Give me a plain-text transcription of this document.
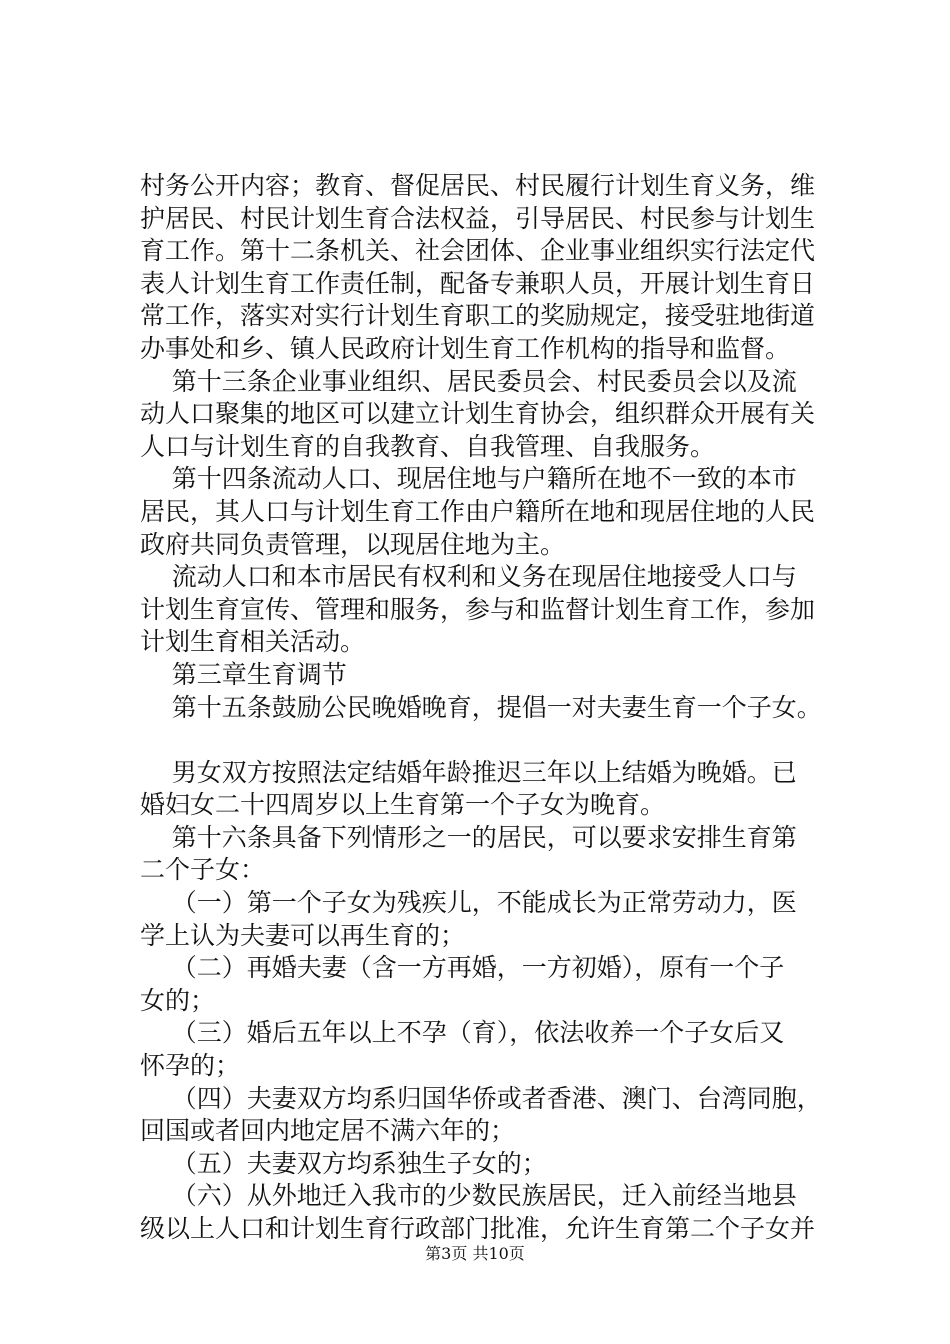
村务公开内容；教育、督促居民、村民履行计划生育义务，维

护居民、村民计划生育合法权益，引导居民、村民参与计划生

育工作。第十二条机关、社会团体、企业事业组织实行法定代

表人计划生育工作责任制，配备专兼职人员，开展计划生育日

常工作，落实对实行计划生育职工的奖励规定，接受驻地街道

办事处和乡、镇人民政府计划生育工作机构的指导和监督。

第十三条企业事业组织、居民委员会、村民委员会以及流

动人口聚集的地区可以建立计划生育协会，组织群众开展有关

人口与计划生育的自我教育、自我管理、自我服务。

第十四条流动人口、现居住地与户籍所在地不一致的本市

居民，其人口与计划生育工作由户籍所在地和现居住地的人民

政府共同负责管理，以现居住地为主。

流动人口和本市居民有权利和义务在现居住地接受人口与

计划生育宣传、管理和服务，参与和监督计划生育工作，参加

计划生育相关活动。

第三章生育调节

第十五条鼓励公民晚婚晚育，提倡一对夫妻生育一个子女。

男女双方按照法定结婚年龄推迟三年以上结婚为晚婚。已

婚妇女二十四周岁以上生育第一个子女为晚育。

第十六条具备下列情形之一的居民，可以要求安排生育第

二个子女：

（一）第一个子女为残疾儿，不能成长为正常劳动力，医

学上认为夫妻可以再生育的；

（二）再婚夫妻（含一方再婚，一方初婚），原有一个子

女的；

（三）婚后五年以上不孕（育），依法收养一个子女后又

怀孕的；

（四）夫妻双方均系归国华侨或者香港、澳门、台湾同胞，

回国或者回内地定居不满六年的；

（五）夫妻双方均系独生子女的；

（六）从外地迁入我市的少数民族居民，迁入前经当地县

级以上人口和计划生育行政部门批准，允许生育第二个子女并

第3页 共10页
